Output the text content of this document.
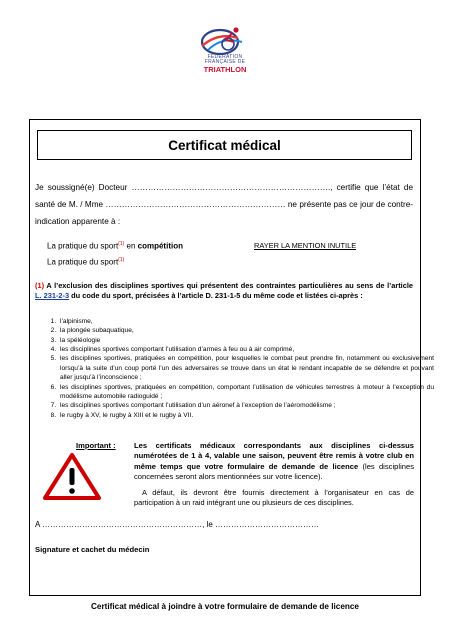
FÉDÉRATION
FRANÇAISE DE
TRIATHLON
Certificat médical
Je soussigné(e) Docteur ………………………………………………………………., certifie que l’état de santé de M. / Mme ………………………………………………………… ne présente pas ce jour de contre-indication apparente à :
La pratique du sport$^{(1)}$ en compétition	RAYER LA MENTION INUTILE
La pratique du sport$^{(1)}$
(1) A l’exclusion des disciplines sportives qui présentent des contraintes particulières au sens de l’article L. 231-2-3 du code du sport, précisées à l’article D. 231-1-5 du même code et listées ci-après :
1. l’alpinisme,
2. la plongée subaquatique,
3. la spéléologie
4. les disciplines sportives comportant l’utilisation d’armes à feu ou à air comprimé,
5. les disciplines sportives, pratiquées en compétition, pour lesquelles le combat peut prendre fin, notamment ou exclusivement lorsqu’à la suite d’un coup porté l’un des adversaires se trouve dans un état le rendant incapable de se défendre et pouvant aller jusqu’à l’inconscience ;
6. les disciplines sportives, pratiquées en compétition, comportant l’utilisation de véhicules terrestres à moteur à l’exception du modélisme automobile radioguidé ;
7. les disciplines sportives comportant l’utilisation d’un aéronef à l’exception de l’aéromodélisme ;
8. le rugby à XV, le rugby à XIII et le rugby à VII.
Important : Les certificats médicaux correspondants aux disciplines ci-dessus numérotées de 1 à 4, valable une saison, peuvent être remis à votre club en même temps que votre formulaire de demande de licence (les disciplines concernées seront alors mentionnées sur votre licence).
A défaut, ils devront être fournis directement à l’organisateur en cas de participation à un raid intégrant une ou plusieurs de ces disciplines.
A ……………………………………………………, le …………………………………
Signature et cachet du médecin
Certificat médical à joindre à votre formulaire de demande de licence
